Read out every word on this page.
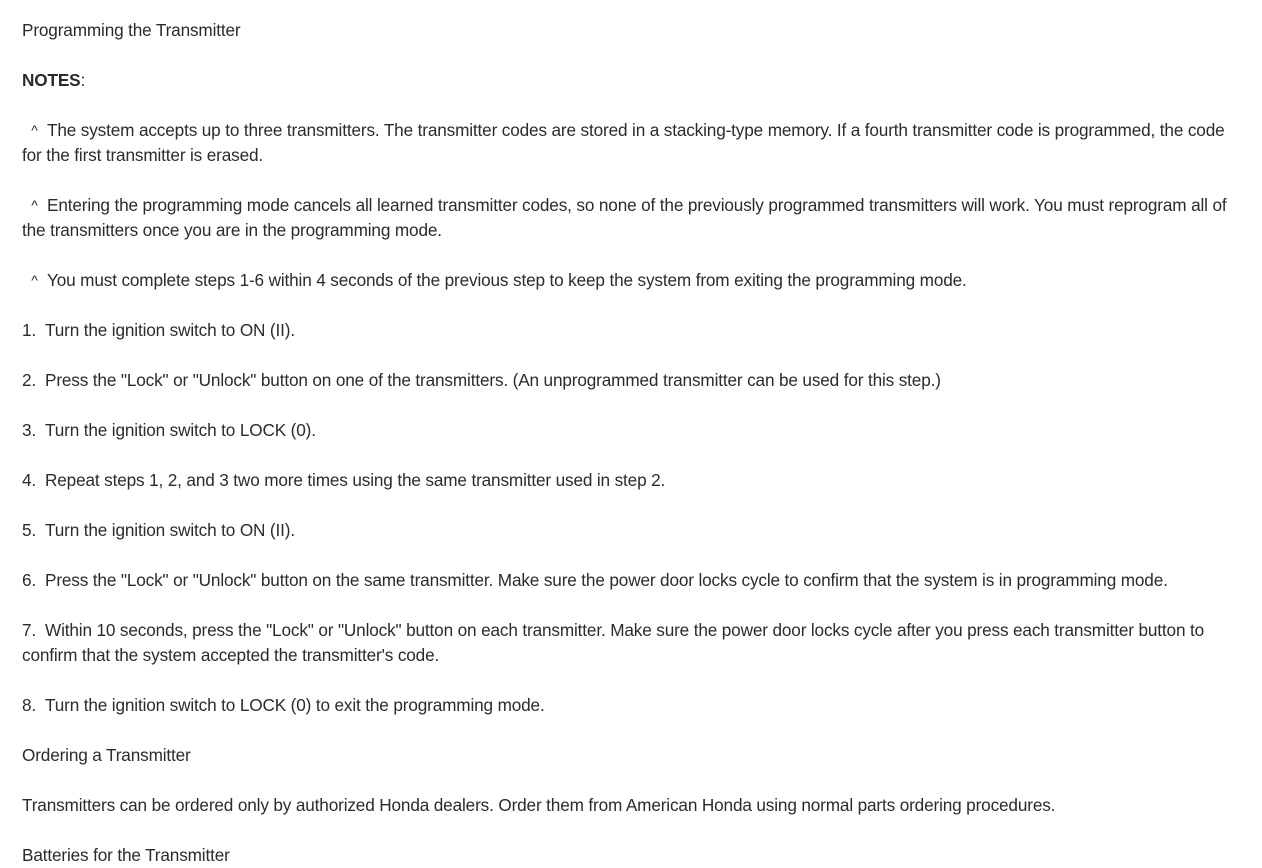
Programming the Transmitter
NOTES:
^ The system accepts up to three transmitters. The transmitter codes are stored in a stacking-type memory. If a fourth transmitter code is programmed, the code for the first transmitter is erased.
^ Entering the programming mode cancels all learned transmitter codes, so none of the previously programmed transmitters will work. You must reprogram all of the transmitters once you are in the programming mode.
^ You must complete steps 1-6 within 4 seconds of the previous step to keep the system from exiting the programming mode.
1. Turn the ignition switch to ON (II).
2. Press the "Lock" or "Unlock" button on one of the transmitters. (An unprogrammed transmitter can be used for this step.)
3. Turn the ignition switch to LOCK (0).
4. Repeat steps 1, 2, and 3 two more times using the same transmitter used in step 2.
5. Turn the ignition switch to ON (II).
6. Press the "Lock" or "Unlock" button on the same transmitter. Make sure the power door locks cycle to confirm that the system is in programming mode.
7. Within 10 seconds, press the "Lock" or "Unlock" button on each transmitter. Make sure the power door locks cycle after you press each transmitter button to confirm that the system accepted the transmitter's code.
8. Turn the ignition switch to LOCK (0) to exit the programming mode.
Ordering a Transmitter
Transmitters can be ordered only by authorized Honda dealers. Order them from American Honda using normal parts ordering procedures.
Batteries for the Transmitter
